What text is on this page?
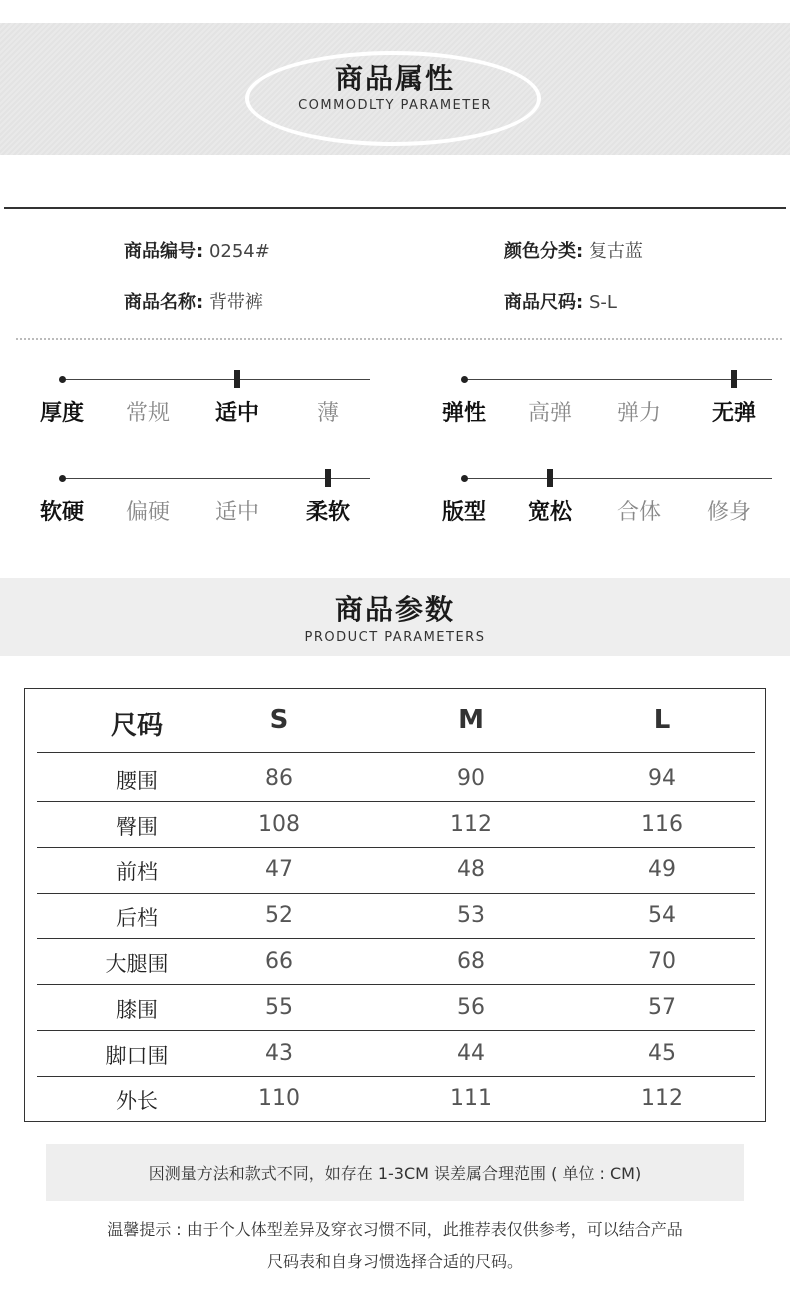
商品属性
COMMODLTY PARAMETER
商品编号: 0254#	颜色分类: 复古蓝
商品名称: 背带裤	商品尺码: S-L
厚度 常规 适中	薄	弹性 高弹 弹力 无弹
软硬 偏硬 适中 柔软	版型 宽松 合体 修身
商品参数
PRODUCT PARAMETERS
尺码	S	M	L
腰围	86	90	94
臀围	108	112	116
前档	47	48	49
后档	52	53	54
大腿围	66	68	70
膝围	55	56	57
脚口围	43	44	45
外长	110	111	112
因测量方法和款式不同，如存在 1-3CM 误差属合理范围 ( 单位 : CM)
温馨提示 : 由于个人体型差异及穿衣习惯不同，此推荐表仅供参考，可以结合产品
尺码表和自身习惯选择合适的尺码。
